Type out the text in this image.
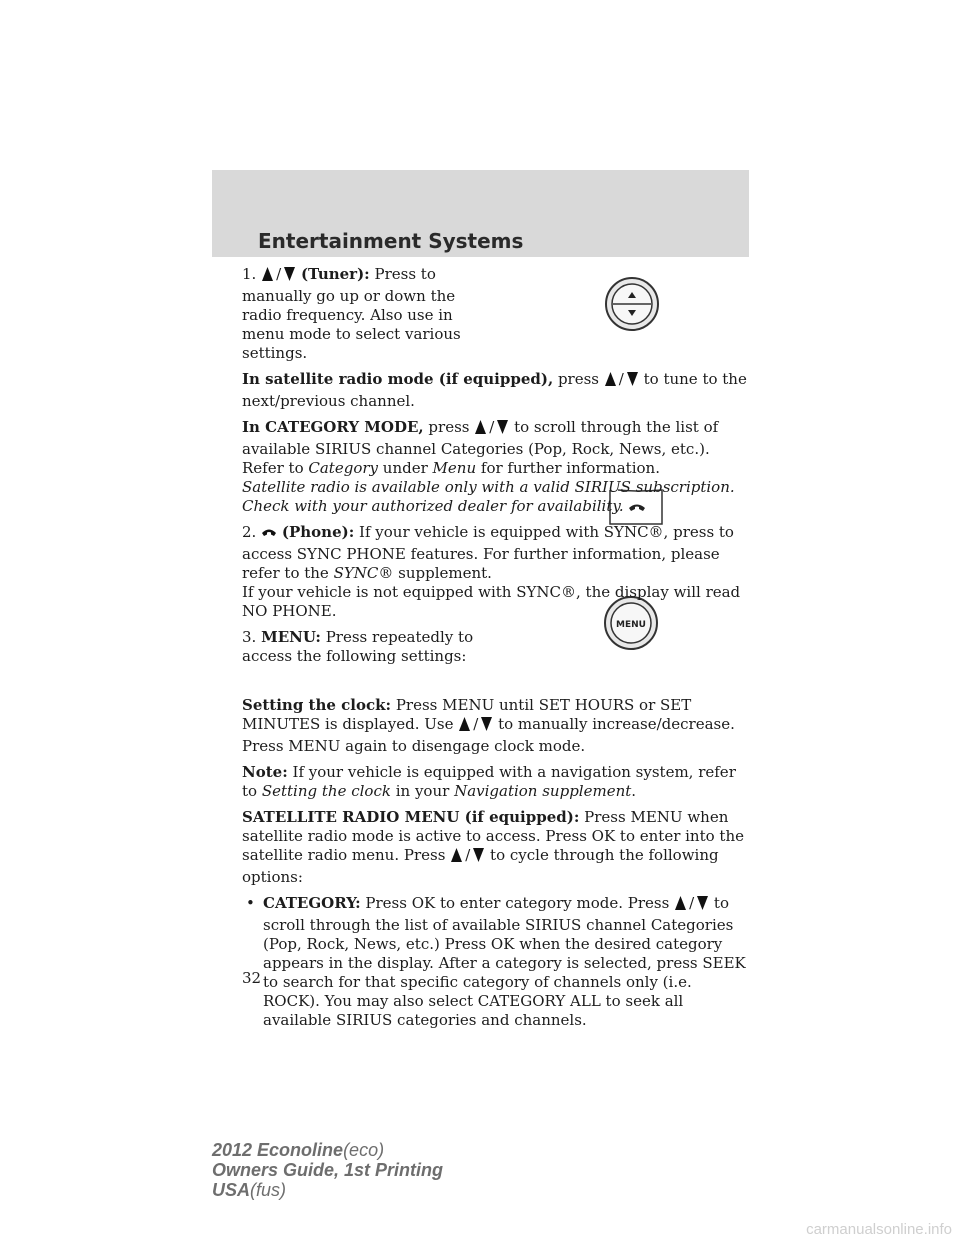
Entertainment Systems
MENU

1. / (Tuner): Press to manually go up or down the radio frequency. Also use in menu mode to select various settings.

In satellite radio mode (if equipped), press / to tune to the next/previous channel.

In CATEGORY MODE, press / to scroll through the list of available SIRIUS channel Categories (Pop, Rock, News, etc.). Refer to Category under Menu for further information.
Satellite radio is available only with a valid SIRIUS subscription. Check with your authorized dealer for availability.

2. (Phone): If your vehicle is equipped with SYNC®, press to access SYNC PHONE features. For further information, please refer to the SYNC® supplement.
If your vehicle is not equipped with SYNC®, the display will read NO PHONE.

3. MENU: Press repeatedly to access the following settings:

Setting the clock: Press MENU until SET HOURS or SET MINUTES is displayed. Use / to manually increase/decrease. Press MENU again to disengage clock mode.

Note: If your vehicle is equipped with a navigation system, refer to Setting the clock in your Navigation supplement.

SATELLITE RADIO MENU (if equipped): Press MENU when satellite radio mode is active to access. Press OK to enter into the satellite radio menu. Press / to cycle through the following options:

• CATEGORY: Press OK to enter category mode. Press / to scroll through the list of available SIRIUS channel Categories (Pop, Rock, News, etc.) Press OK when the desired category appears in the display. After a category is selected, press SEEK to search for that specific category of channels only (i.e. ROCK). You may also select CATEGORY ALL to seek all available SIRIUS categories and channels.

32
2012 Econoline(eco)
Owners Guide, 1st Printing
USA(fus)
carmanualsonline.info
